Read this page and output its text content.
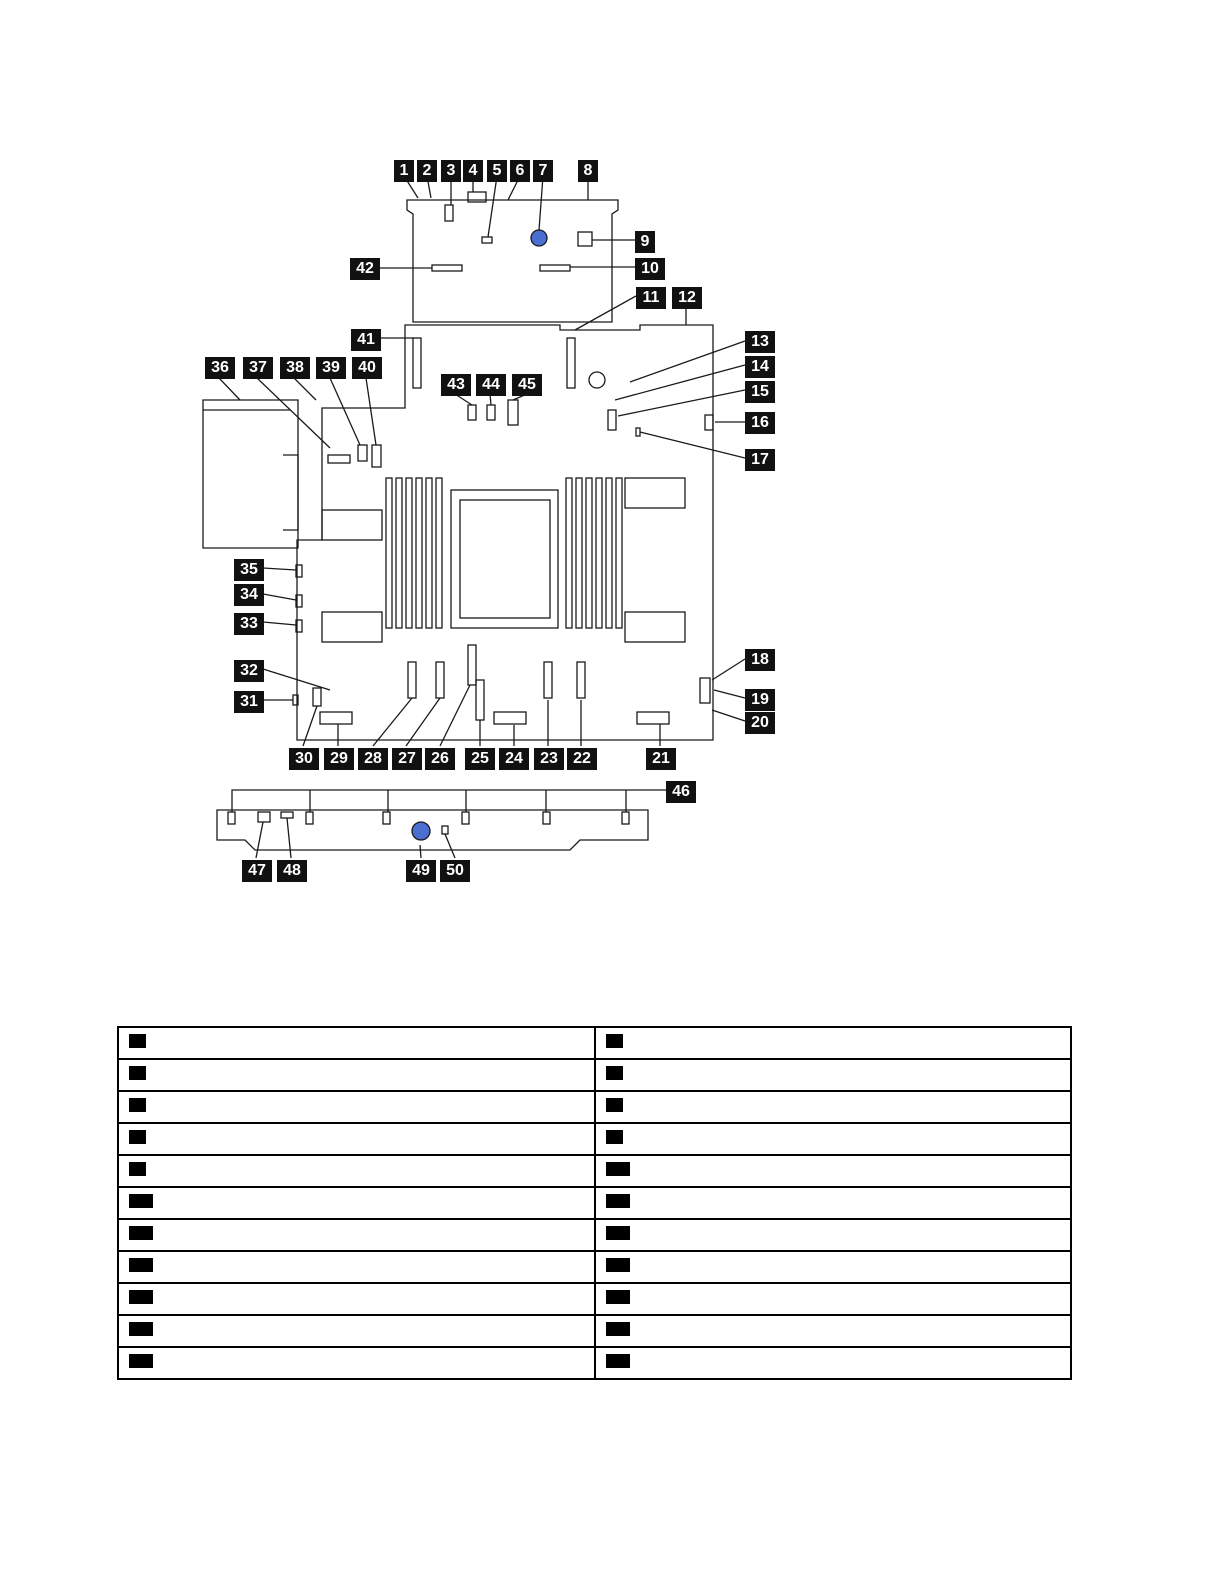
1 2 3 4 5 6 7	8
9
10
11	12
13
14
15
16
17
18
19
20
21
22
23
24
25
26
27
28
29
30
31
32
33
34
35
36	37	38	39	40
41
42
43	44	45
46
47	48	49	50
